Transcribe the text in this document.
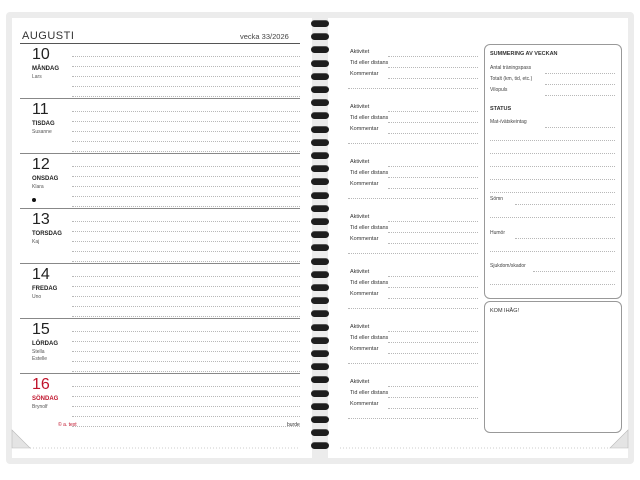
AUGUSTI	vecka 33/2026
10
MÅNDAG
Lars
11
TISDAG
Susanne
12
ONSDAG
Klara
13
TORSDAG
Kaj
14
FREDAG
Uno
15
LÖRDAG
Stella
Estelle
16
SÖNDAG
Brynolf
Aktivitet
Tid eller distans
Kommentar
Aktivitet
Tid eller distans
Kommentar
Aktivitet
Tid eller distans
Kommentar
Aktivitet
Tid eller distans
Kommentar
Aktivitet
Tid eller distans
Kommentar
Aktivitet
Tid eller distans
Kommentar
Aktivitet
Tid eller distans
Kommentar
© a. text	burde
SUMMERING AV VECKAN
Antal träningspass
Totalt (km, tid, etc.)
Vilopuls
STATUS
Mat-/vätskeintag
Sömn
Humör
Sjukdom/skador
KOM IHÅG!
